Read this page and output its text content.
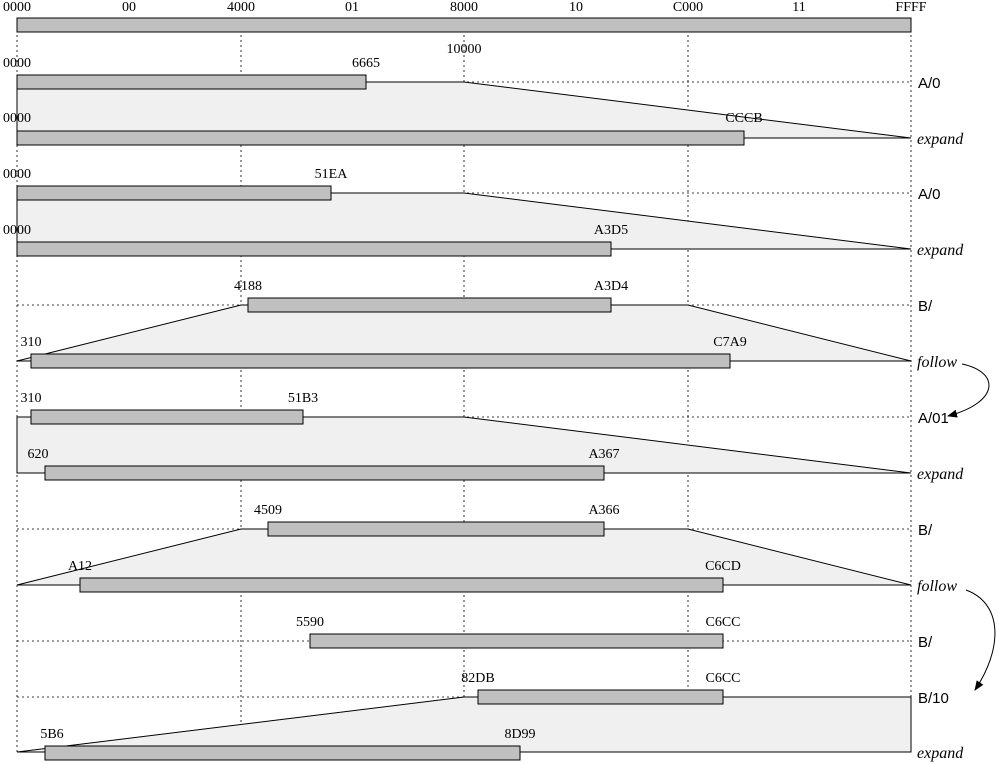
0000	00	4000	01	8000	10	C000	11	FFFF
10000
0000	6665
0000	CCCB
0000	51EA
0000	A3D5
4188	A3D4
310	C7A9
310	51B3
620	A367
4509	A366
A12	C6CD
5590	C6CC
82DB	C6CC
5B6	8D99
A/0
expand
A/0
expand
B/
follow
A/01
expand
B/
follow
B/
B/10
expand
